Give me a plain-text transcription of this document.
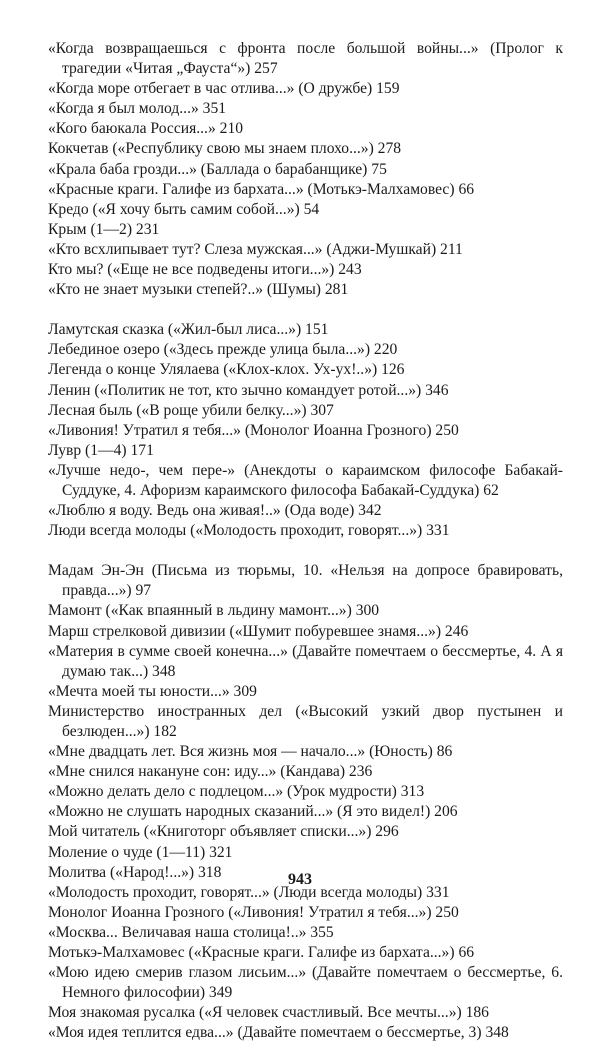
«Когда возвращаешься с фронта после большой войны...» (Пролог к трагедии «Читая „Фауста“») 257
«Когда море отбегает в час отлива...» (О дружбе) 159
«Когда я был молод...» 351
«Кого баюкала Россия...» 210
Кокчетав («Республику свою мы знаем плохо...») 278
«Крала баба грозди...» (Баллада о барабанщике) 75
«Красные краги. Галифе из бархата...» (Мотькэ-Малхамовес) 66
Кредо («Я хочу быть самим собой...») 54
Крым (1—2) 231
«Кто всхлипывает тут? Слеза мужская...» (Аджи-Мушкай) 211
Кто мы? («Еще не все подведены итоги...») 243
«Кто не знает музыки степей?..» (Шумы) 281
Ламутская сказка («Жил-был лиса...») 151
Лебединое озеро («Здесь прежде улица была...») 220
Легенда о конце Улялаева («Клох-клох. Ух-ух!..») 126
Ленин («Политик не тот, кто зычно командует ротой...») 346
Лесная быль («В роще убили белку...») 307
«Ливония! Утратил я тебя...» (Монолог Иоанна Грозного) 250
Лувр (1—4) 171
«Лучше недо-, чем пере-» (Анекдоты о караимском философе Бабакай-Суддуке, 4. Афоризм караимского философа Бабакай-Суддука) 62
«Люблю я воду. Ведь она живая!..» (Ода воде) 342
Люди всегда молоды («Молодость проходит, говорят...») 331
Мадам Эн-Эн (Письма из тюрьмы, 10. «Нельзя на допросе бравировать, правда...») 97
Мамонт («Как впаянный в льдину мамонт...») 300
Марш стрелковой дивизии («Шумит побуревшее знамя...») 246
«Материя в сумме своей конечна...» (Давайте помечтаем о бессмертье, 4. А я думаю так...) 348
«Мечта моей ты юности...» 309
Министерство иностранных дел («Высокий узкий двор пустынен и безлюден...») 182
«Мне двадцать лет. Вся жизнь моя — начало...» (Юность) 86
«Мне снился накануне сон: иду...» (Кандава) 236
«Можно делать дело с подлецом...» (Урок мудрости) 313
«Можно не слушать народных сказаний...» (Я это видел!) 206
Мой читатель («Книготорг объявляет списки...») 296
Моление о чуде (1—11) 321
Молитва («Народ!...») 318
«Молодость проходит, говорят...» (Люди всегда молоды) 331
Монолог Иоанна Грозного («Ливония! Утратил я тебя...») 250
«Москва... Величавая наша столица!..» 355
Мотькэ-Малхамовес («Красные краги. Галифе из бархата...») 66
«Мою идею смерив глазом лисьим...» (Давайте помечтаем о бессмертье, 6. Немного философии) 349
Моя знакомая русалка («Я человек счастливый. Все мечты...») 186
«Моя идея теплится едва...» (Давайте помечтаем о бессмертье, 3) 348
943
